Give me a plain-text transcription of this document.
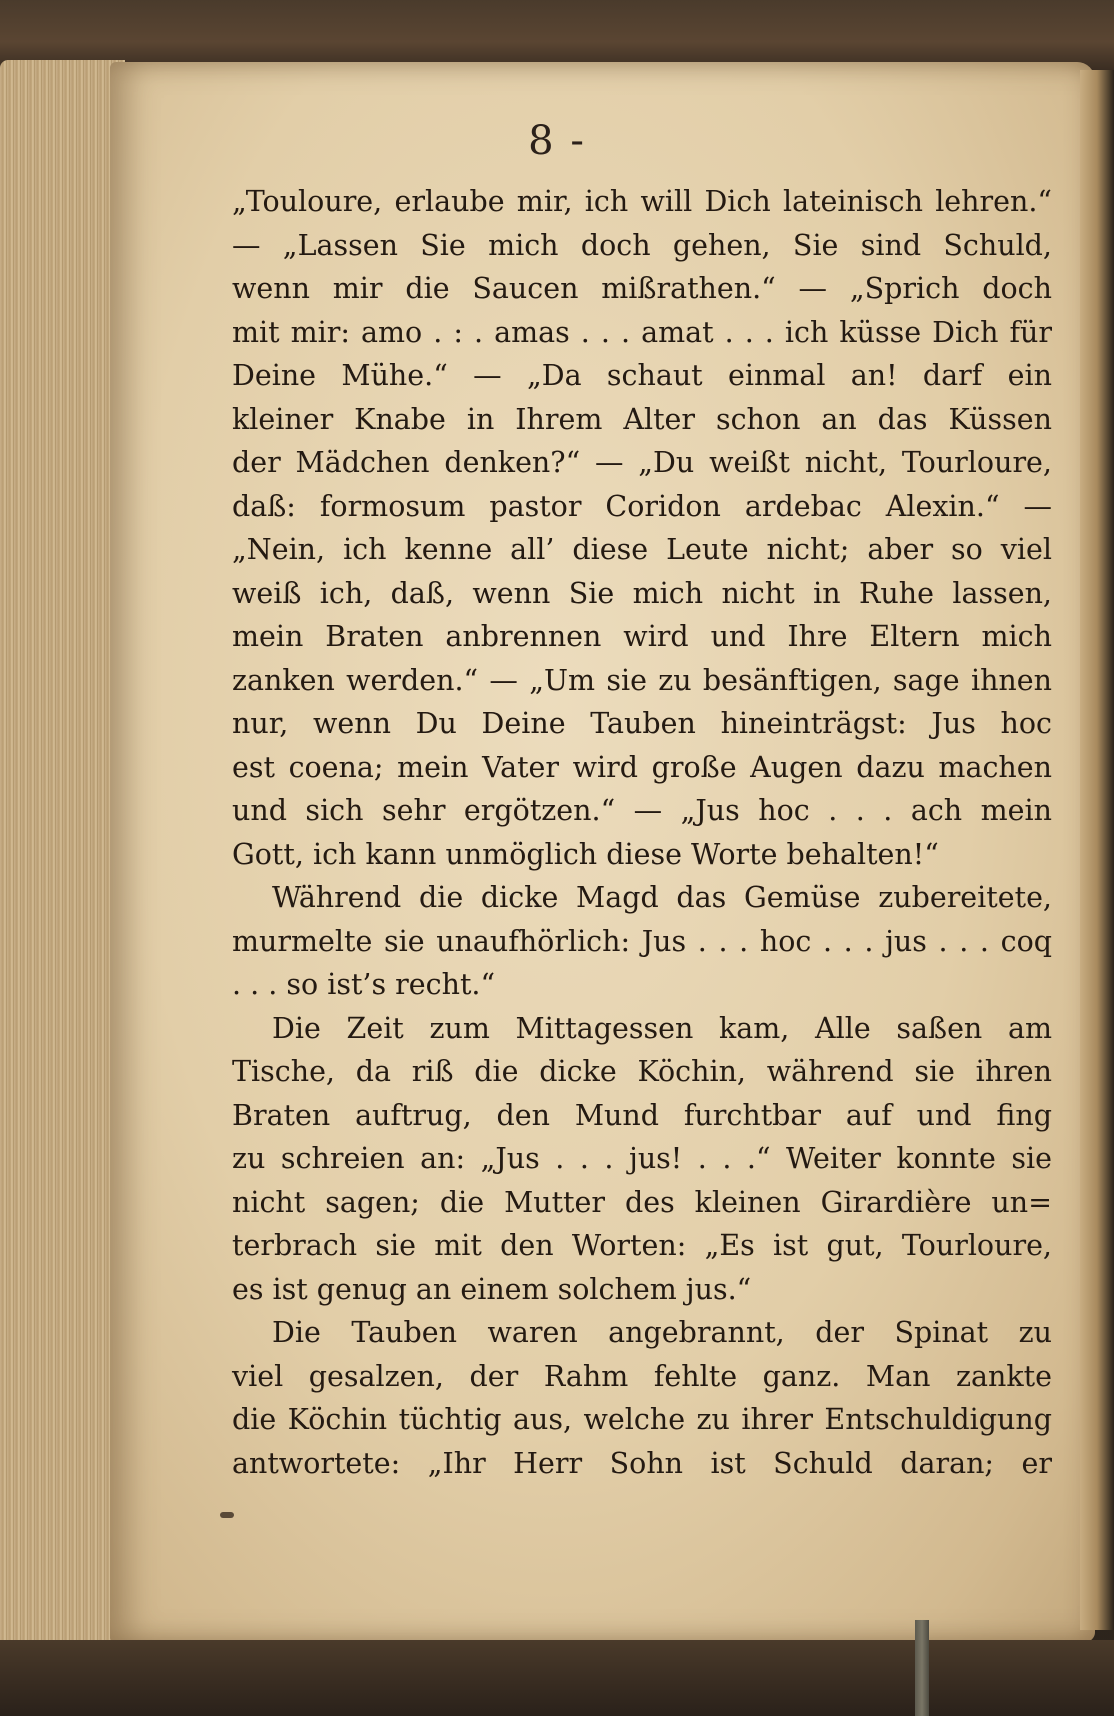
8 -
„Touloure, erlaube mir, ich will Dich lateinisch lehren.“
— „Lassen Sie mich doch gehen, Sie sind Schuld,
wenn mir die Saucen mißrathen.“ — „Sprich doch
mit mir: amo . : . amas . . . amat . . . ich küsse Dich für
Deine Mühe.“ — „Da schaut einmal an! darf ein
kleiner Knabe in Ihrem Alter schon an das Küssen
der Mädchen denken?“ — „Du weißt nicht, Tourloure,
daß: formosum pastor Coridon ardebac Alexin.“ —
„Nein, ich kenne all’ diese Leute nicht; aber so viel
weiß ich, daß, wenn Sie mich nicht in Ruhe lassen,
mein Braten anbrennen wird und Ihre Eltern mich
zanken werden.“ — „Um sie zu besänftigen, sage ihnen
nur, wenn Du Deine Tauben hineinträgst: Jus hoc
est coena; mein Vater wird große Augen dazu machen
und sich sehr ergötzen.“ — „Jus hoc . . . ach mein
Gott, ich kann unmöglich diese Worte behalten!“
Während die dicke Magd das Gemüse zubereitete,
murmelte sie unaufhörlich: Jus . . . hoc . . . jus . . . coq
. . . so ist’s recht.“
Die Zeit zum Mittagessen kam, Alle saßen am
Tische, da riß die dicke Köchin, während sie ihren
Braten auftrug, den Mund furchtbar auf und fing
zu schreien an: „Jus . . . jus! . . .“ Weiter konnte sie
nicht sagen; die Mutter des kleinen Girardière un=
terbrach sie mit den Worten: „Es ist gut, Tourloure,
es ist genug an einem solchem jus.“
Die Tauben waren angebrannt, der Spinat zu
viel gesalzen, der Rahm fehlte ganz. Man zankte
die Köchin tüchtig aus, welche zu ihrer Entschuldigung
antwortete: „Ihr Herr Sohn ist Schuld daran; er
